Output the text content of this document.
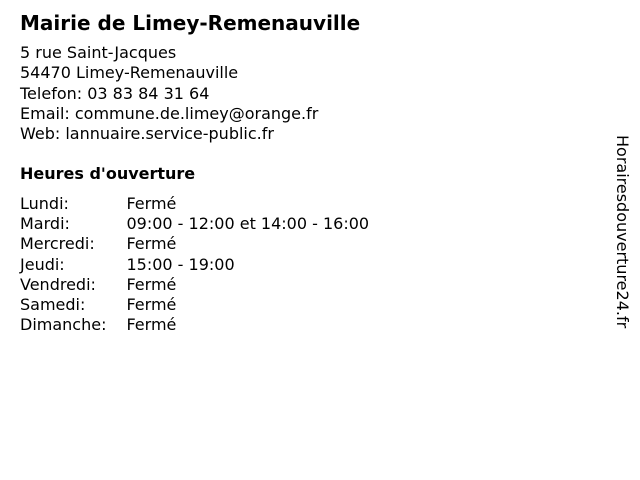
Mairie de Limey-Remenauville
5 rue Saint-Jacques
54470 Limey-Remenauville
Telefon: 03 83 84 31 64
Email: commune.de.limey@orange.fr
Web: lannuaire.service-public.fr
Heures d'ouverture
Lundi:	Fermé
Mardi:	09:00 - 12:00 et 14:00 - 16:00
Mercredi:	Fermé
Jeudi:	15:00 - 19:00
Vendredi:	Fermé
Samedi:	Fermé
Dimanche:	Fermé	Horairesdouverture24.fr
